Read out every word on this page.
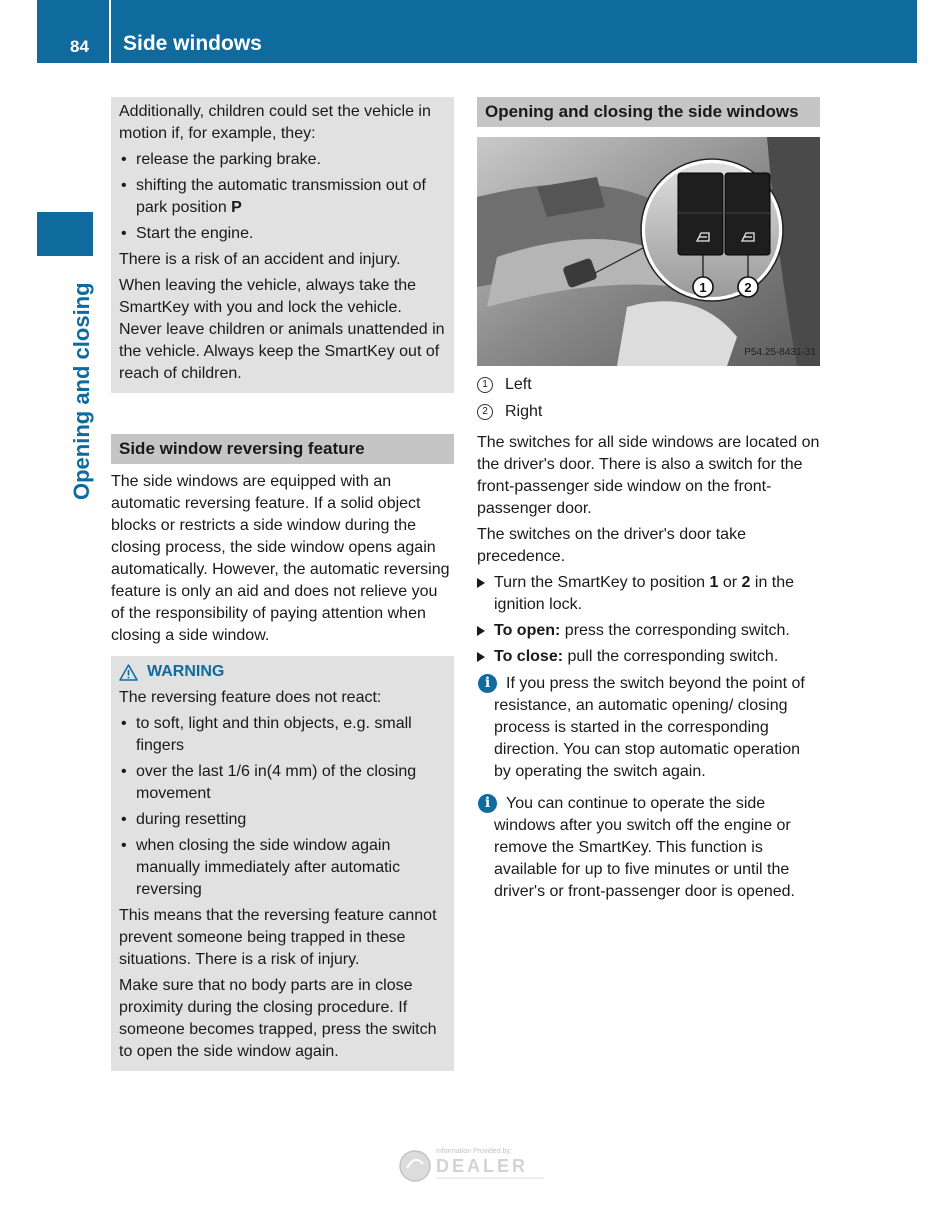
84 Side windows
Opening and closing

Additionally, children could set the vehicle in motion if, for example, they:

• release the parking brake.
• shifting the automatic transmission out of park position P
• Start the engine.

There is a risk of an accident and injury.

When leaving the vehicle, always take the SmartKey with you and lock the vehicle. Never leave children or animals unattended in the vehicle. Always keep the SmartKey out of reach of children.

Side window reversing feature

The side windows are equipped with an automatic reversing feature. If a solid object blocks or restricts a side window during the closing process, the side window opens again automatically. However, the automatic reversing feature is only an aid and does not relieve you of the responsibility of paying attention when closing a side window.

WARNING

The reversing feature does not react:

• to soft, light and thin objects, e.g. small fingers
• over the last 1/6 in(4 mm) of the closing movement
• during resetting
• when closing the side window again manually immediately after automatic reversing

This means that the reversing feature cannot prevent someone being trapped in these situations. There is a risk of injury.

Make sure that no body parts are in close proximity during the closing procedure. If someone becomes trapped, press the switch to open the side window again.

Opening and closing the side windows
1	2
P54.25-8431-31
1	Left
2	Right

The switches for all side windows are located on the driver's door. There is also a switch for the front-passenger side window on the front-passenger door.

The switches on the driver's door take precedence.

Turn the SmartKey to position 1 or 2 in the ignition lock.
To open: press the corresponding switch.
To close: pull the corresponding switch.
i If you press the switch beyond the point of resistance, an automatic opening/ closing process is started in the corresponding direction. You can stop automatic operation by operating the switch again.
i You can continue to operate the side windows after you switch off the engine or remove the SmartKey. This function is available for up to five minutes or until the driver's or front-passenger door is opened.
Information Provided by:
DEALER
